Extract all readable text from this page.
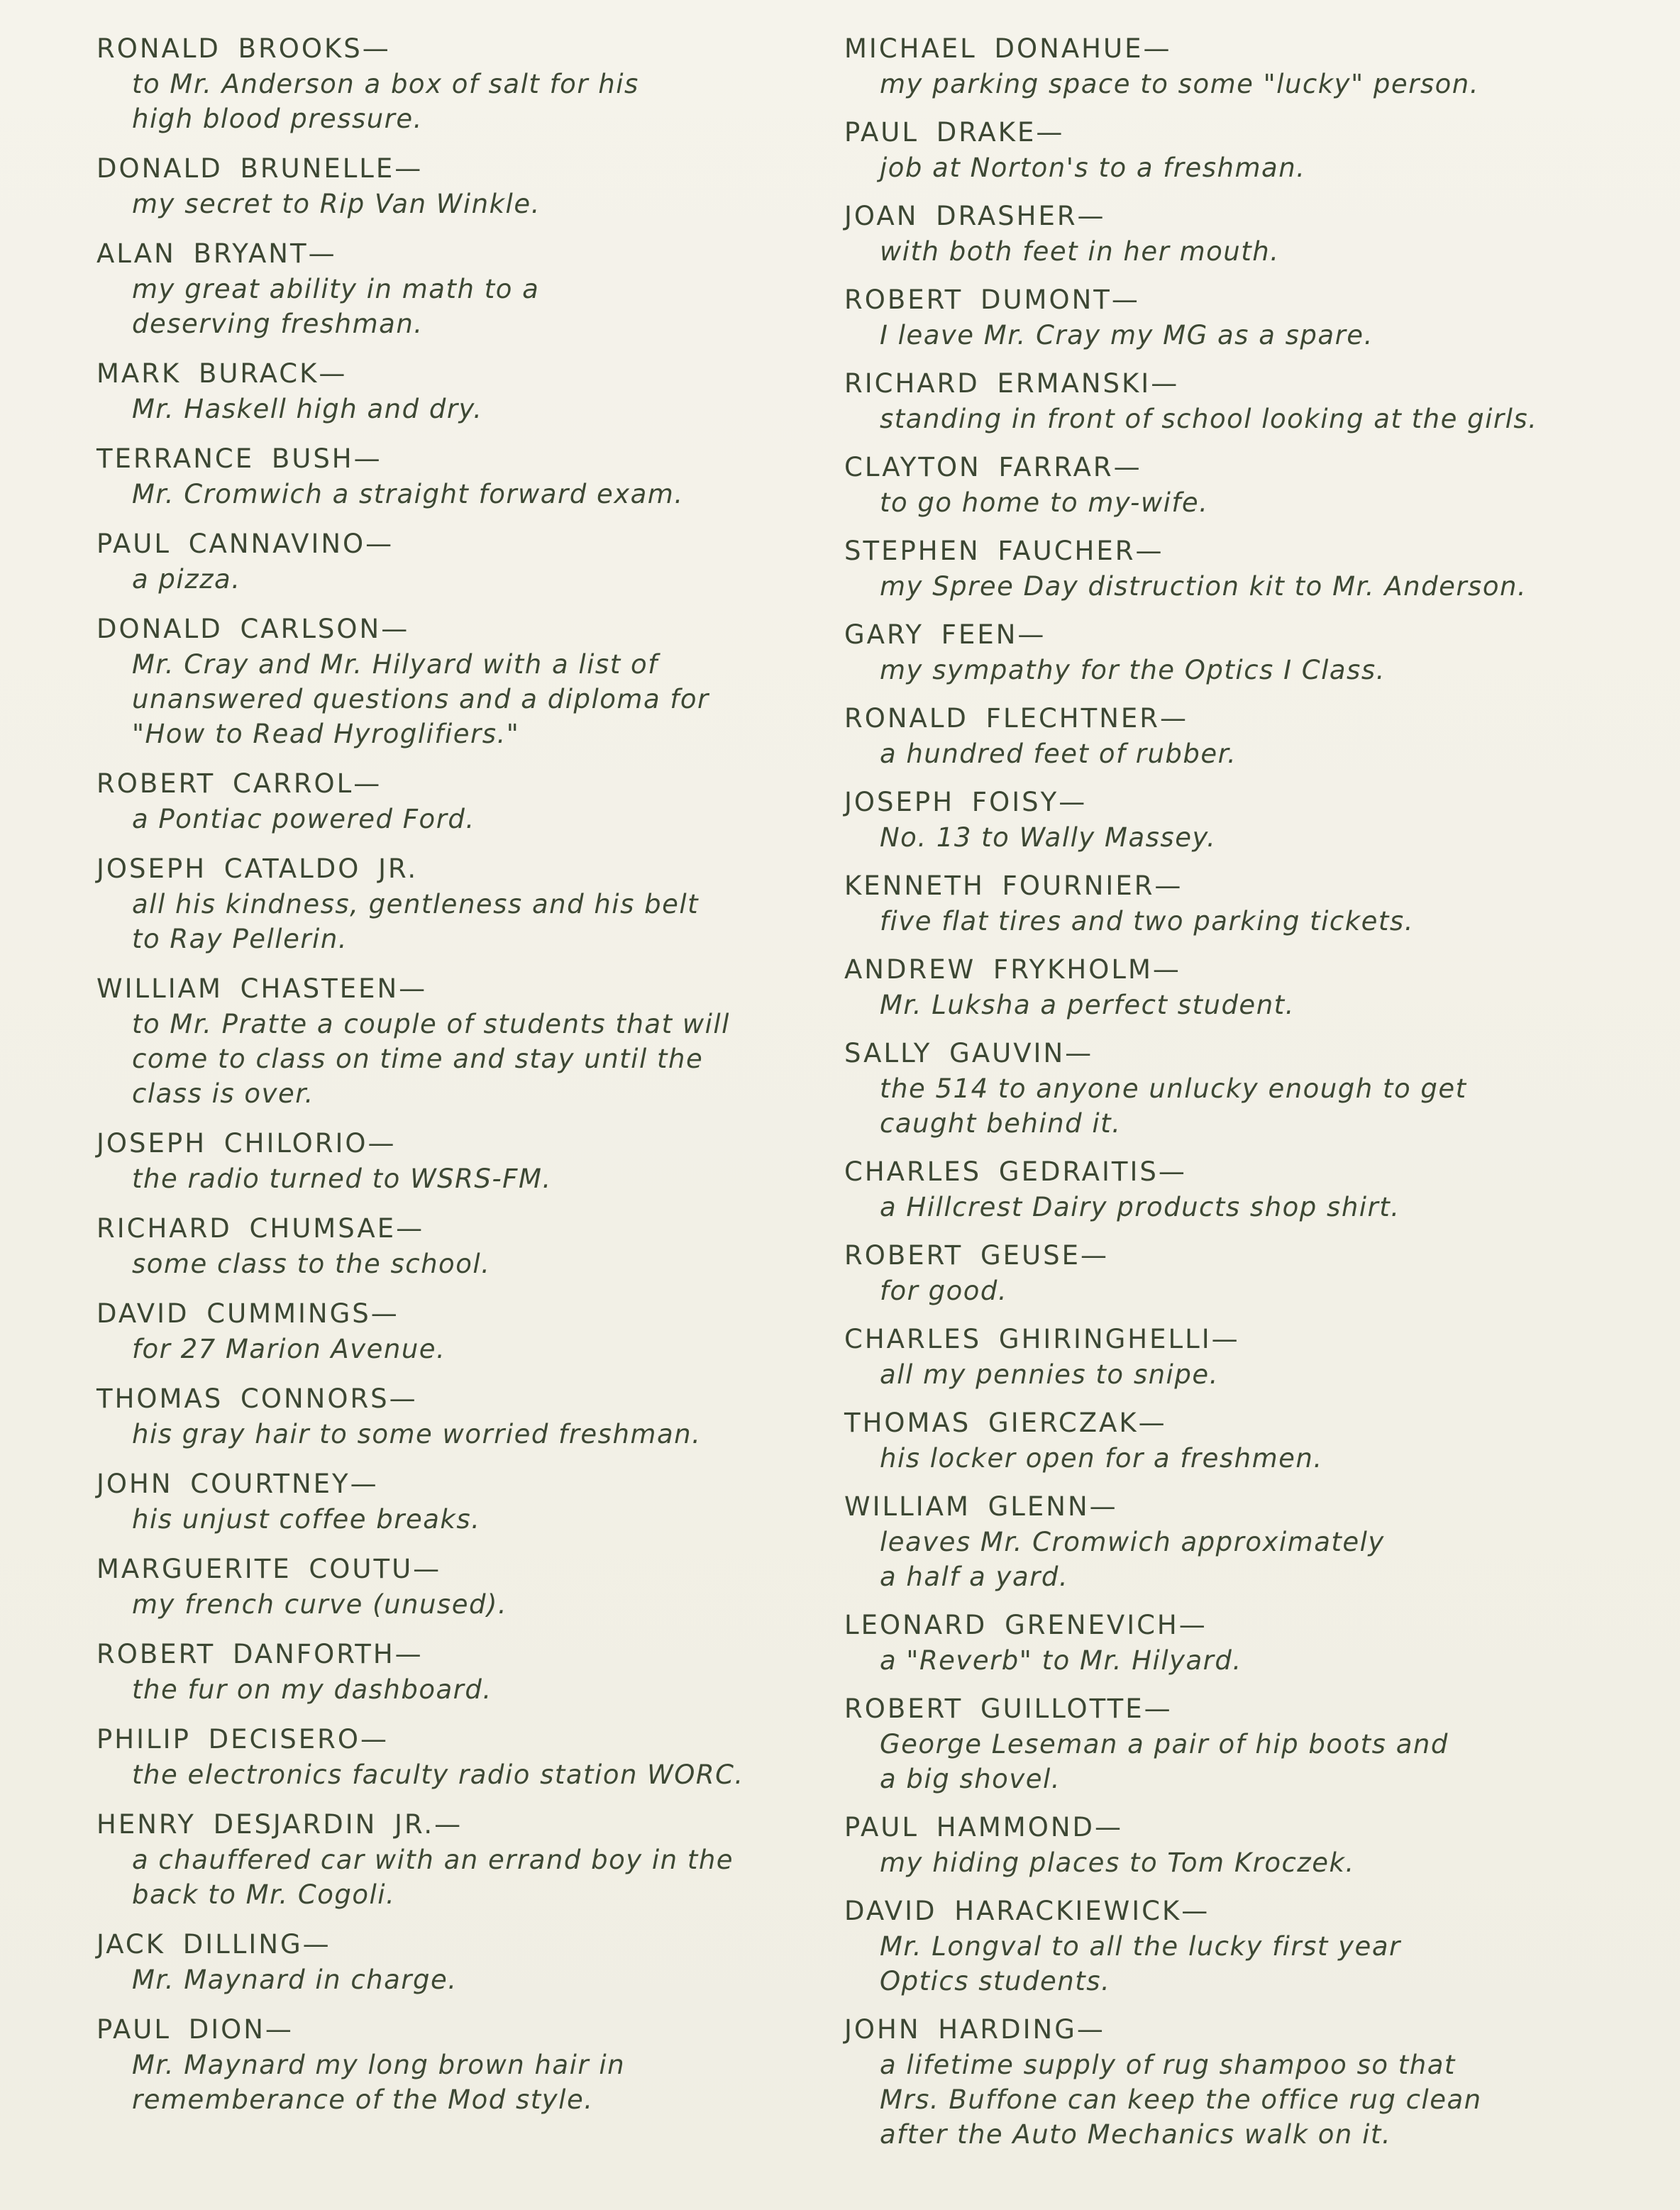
RONALD BROOKS—
to Mr. Anderson a box of salt for his
high blood pressure.
DONALD BRUNELLE—
my secret to Rip Van Winkle.
ALAN BRYANT—
my great ability in math to a
deserving freshman.
MARK BURACK—
Mr. Haskell high and dry.
TERRANCE BUSH—
Mr. Cromwich a straight forward exam.
PAUL CANNAVINO—
a pizza.
DONALD CARLSON—
Mr. Cray and Mr. Hilyard with a list of
unanswered questions and a diploma for
"How to Read Hyroglifiers."
ROBERT CARROL—
a Pontiac powered Ford.
JOSEPH CATALDO JR.
all his kindness, gentleness and his belt
to Ray Pellerin.
WILLIAM CHASTEEN—
to Mr. Pratte a couple of students that will
come to class on time and stay until the
class is over.
JOSEPH CHILORIO—
the radio turned to WSRS-FM.
RICHARD CHUMSAE—
some class to the school.
DAVID CUMMINGS—
for 27 Marion Avenue.
THOMAS CONNORS—
his gray hair to some worried freshman.
JOHN COURTNEY—
his unjust coffee breaks.
MARGUERITE COUTU—
my french curve (unused).
ROBERT DANFORTH—
the fur on my dashboard.
PHILIP DECISERO—
the electronics faculty radio station WORC.
HENRY DESJARDIN JR.—
a chauffered car with an errand boy in the
back to Mr. Cogoli.
JACK DILLING—
Mr. Maynard in charge.
PAUL DION—
Mr. Maynard my long brown hair in
rememberance of the Mod style.
MICHAEL DONAHUE—
my parking space to some "lucky" person.
PAUL DRAKE—
job at Norton's to a freshman.
JOAN DRASHER—
with both feet in her mouth.
ROBERT DUMONT—
I leave Mr. Cray my MG as a spare.
RICHARD ERMANSKI—
standing in front of school looking at the girls.
CLAYTON FARRAR—
to go home to my-wife.
STEPHEN FAUCHER—
my Spree Day distruction kit to Mr. Anderson.
GARY FEEN—
my sympathy for the Optics I Class.
RONALD FLECHTNER—
a hundred feet of rubber.
JOSEPH FOISY—
No. 13 to Wally Massey.
KENNETH FOURNIER—
five flat tires and two parking tickets.
ANDREW FRYKHOLM—
Mr. Luksha a perfect student.
SALLY GAUVIN—
the 514 to anyone unlucky enough to get
caught behind it.
CHARLES GEDRAITIS—
a Hillcrest Dairy products shop shirt.
ROBERT GEUSE—
for good.
CHARLES GHIRINGHELLI—
all my pennies to snipe.
THOMAS GIERCZAK—
his locker open for a freshmen.
WILLIAM GLENN—
leaves Mr. Cromwich approximately
a half a yard.
LEONARD GRENEVICH—
a "Reverb" to Mr. Hilyard.
ROBERT GUILLOTTE—
George Leseman a pair of hip boots and
a big shovel.
PAUL HAMMOND—
my hiding places to Tom Kroczek.
DAVID HARACKIEWICK—
Mr. Longval to all the lucky first year
Optics students.
JOHN HARDING—
a lifetime supply of rug shampoo so that
Mrs. Buffone can keep the office rug clean
after the Auto Mechanics walk on it.
